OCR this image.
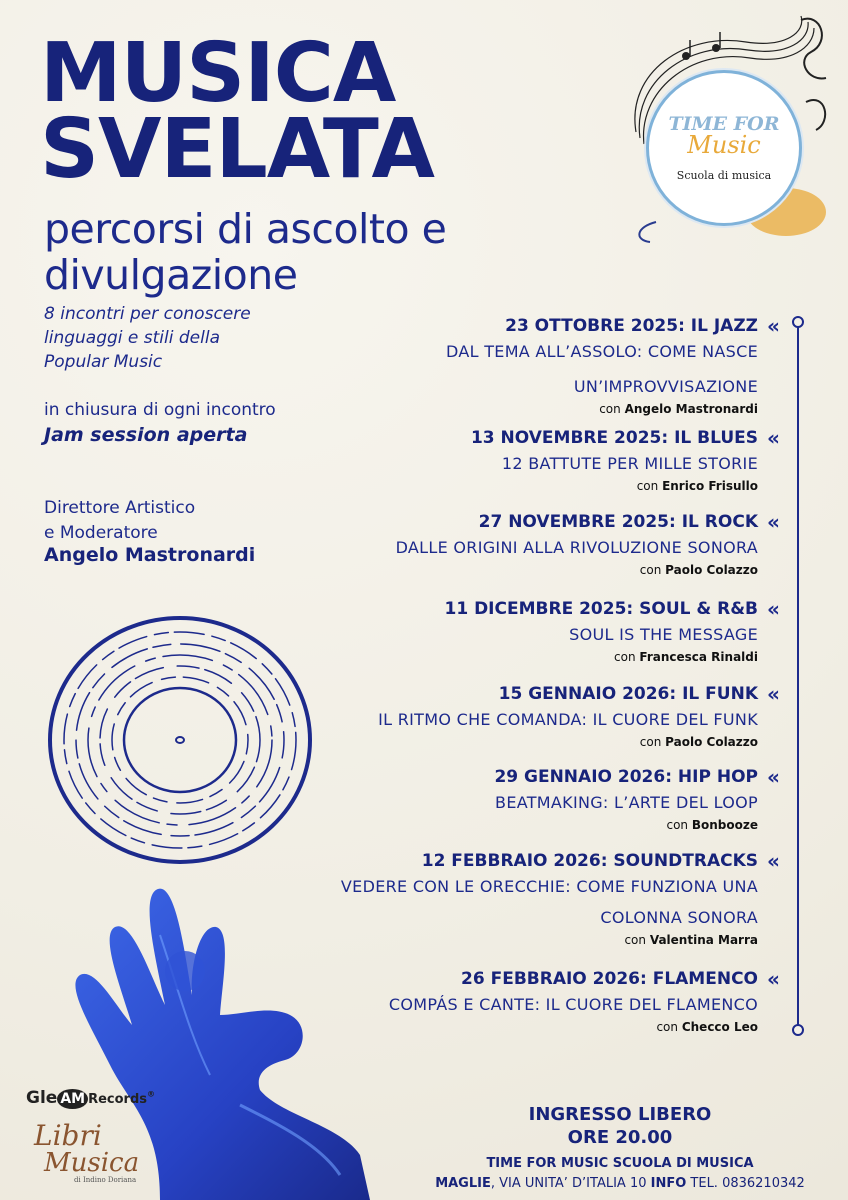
MUSICA
SVELATA
percorsi di ascolto e
divulgazione
8 incontri per conoscere
linguaggi e stili della
Popular Music
in chiusura di ogni incontro
Jam session aperta
Direttore Artistico
e Moderatore
Angelo Mastronardi
TIME FOR
Music
Scuola di musica
23 OTTOBRE 2025: IL JAZZ
DAL TEMA ALL’ASSOLO: COME NASCE
UN’IMPROVVISAZIONE
con Angelo Mastronardi
«
13 NOVEMBRE 2025: IL BLUES
12 BATTUTE PER MILLE STORIE
con Enrico Frisullo
«
27 NOVEMBRE 2025: IL ROCK
DALLE ORIGINI ALLA RIVOLUZIONE SONORA
con Paolo Colazzo
«
11 DICEMBRE 2025: SOUL & R&B
SOUL IS THE MESSAGE
con Francesca Rinaldi
«
15 GENNAIO 2026: IL FUNK
IL RITMO CHE COMANDA: IL CUORE DEL FUNK
con Paolo Colazzo
«
29 GENNAIO 2026: HIP HOP
BEATMAKING: L’ARTE DEL LOOP
con Bonbooze
«
12 FEBBRAIO 2026: SOUNDTRACKS
VEDERE CON LE ORECCHIE: COME FUNZIONA UNA
COLONNA SONORA
con Valentina Marra
«
26 FEBBRAIO 2026: FLAMENCO
COMPÁS E CANTE: IL CUORE DEL FLAMENCO
con Checco Leo
«
INGRESSO LIBERO
ORE 20.00
TIME FOR MUSIC SCUOLA DI MUSICA
MAGLIE, VIA UNITA’ D’ITALIA 10 INFO TEL. 0836210342
Gle AM Records®
Libri
Musica
di Indino Doriana
